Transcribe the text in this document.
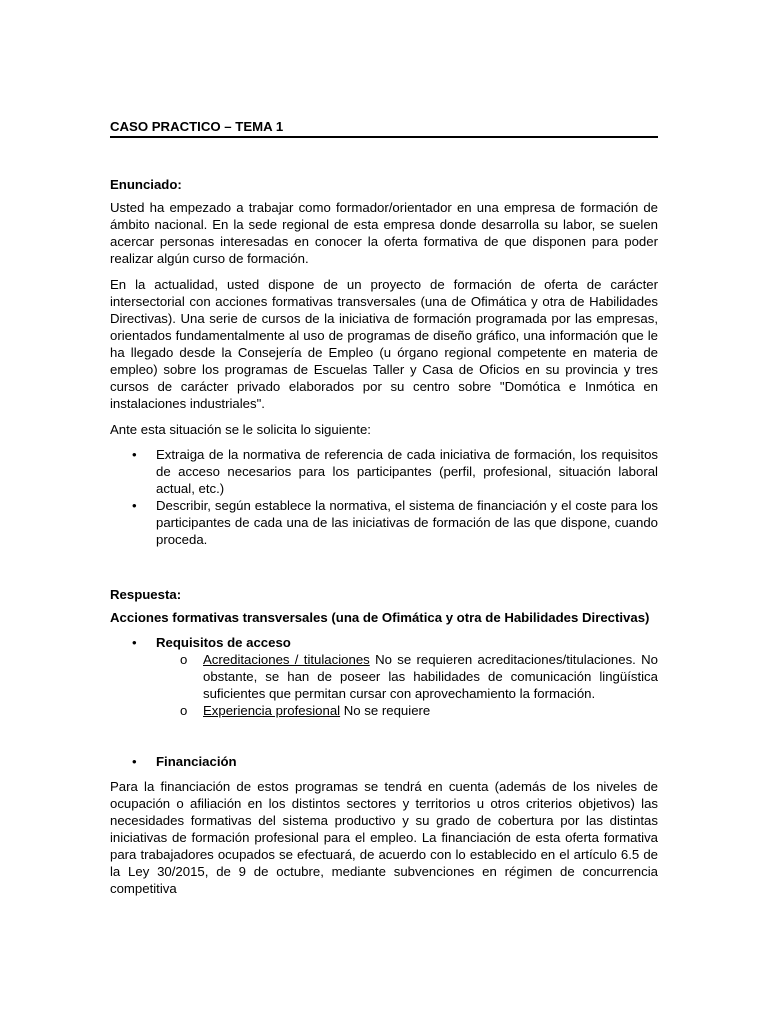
CASO PRACTICO – TEMA 1
Enunciado:

Usted ha empezado a trabajar como formador/orientador en una empresa de formación de ámbito nacional. En la sede regional de esta empresa donde desarrolla su labor, se suelen acercar personas interesadas en conocer la oferta formativa de que disponen para poder realizar algún curso de formación.

En la actualidad, usted dispone de un proyecto de formación de oferta de carácter intersectorial con acciones formativas transversales (una de Ofimática y otra de Habilidades Directivas). Una serie de cursos de la iniciativa de formación programada por las empresas, orientados fundamentalmente al uso de programas de diseño gráfico, una información que le ha llegado desde la Consejería de Empleo (u órgano regional competente en materia de empleo) sobre los programas de Escuelas Taller y Casa de Oficios en su provincia y tres cursos de carácter privado elaborados por su centro sobre "Domótica e Inmótica en instalaciones industriales".

Ante esta situación se le solicita lo siguiente:

• Extraiga de la normativa de referencia de cada iniciativa de formación, los requisitos de acceso necesarios para los participantes (perfil, profesional, situación laboral actual, etc.)
• Describir, según establece la normativa, el sistema de financiación y el coste para los participantes de cada una de las iniciativas de formación de las que dispone, cuando proceda.
Respuesta:
Acciones formativas transversales (una de Ofimática y otra de Habilidades Directivas)
• Requisitos de acceso
o Acreditaciones / titulaciones No se requieren acreditaciones/titulaciones. No obstante, se han de poseer las habilidades de comunicación lingüística suficientes que permitan cursar con aprovechamiento la formación.
o Experiencia profesional No se requiere
• Financiación

Para la financiación de estos programas se tendrá en cuenta (además de los niveles de ocupación o afiliación en los distintos sectores y territorios u otros criterios objetivos) las necesidades formativas del sistema productivo y su grado de cobertura por las distintas iniciativas de formación profesional para el empleo. La financiación de esta oferta formativa para trabajadores ocupados se efectuará, de acuerdo con lo establecido en el artículo 6.5 de la Ley 30/2015, de 9 de octubre, mediante subvenciones en régimen de concurrencia competitiva
